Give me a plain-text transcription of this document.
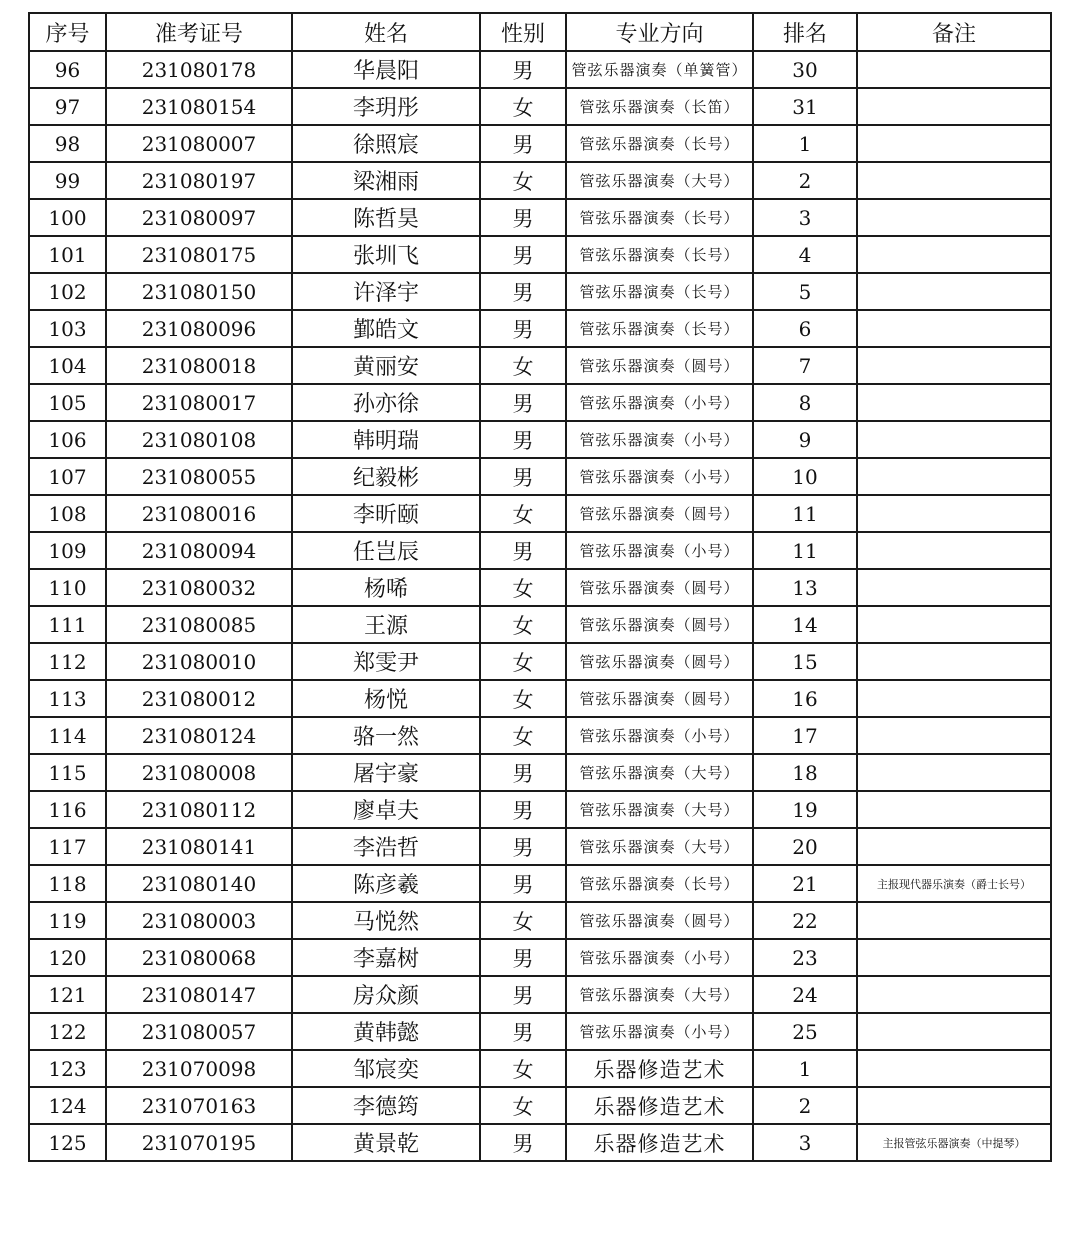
序号	准考证号	姓名	性别	专业方向	排名	备注
96	231080178	华晨阳	男	管弦乐器演奏（单簧管）	30	
97	231080154	李玥彤	女	管弦乐器演奏（长笛）	31	
98	231080007	徐照宸	男	管弦乐器演奏（长号）	1	
99	231080197	梁湘雨	女	管弦乐器演奏（大号）	2	
100	231080097	陈哲昊	男	管弦乐器演奏（长号）	3	
101	231080175	张圳飞	男	管弦乐器演奏（长号）	4	
102	231080150	许泽宇	男	管弦乐器演奏（长号）	5	
103	231080096	鄞皓文	男	管弦乐器演奏（长号）	6	
104	231080018	黄丽安	女	管弦乐器演奏（圆号）	7	
105	231080017	孙亦徐	男	管弦乐器演奏（小号）	8	
106	231080108	韩明瑞	男	管弦乐器演奏（小号）	9	
107	231080055	纪毅彬	男	管弦乐器演奏（小号）	10	
108	231080016	李昕颐	女	管弦乐器演奏（圆号）	11	
109	231080094	任岂辰	男	管弦乐器演奏（小号）	11	
110	231080032	杨唏	女	管弦乐器演奏（圆号）	13	
111	231080085	王源	女	管弦乐器演奏（圆号）	14	
112	231080010	郑雯尹	女	管弦乐器演奏（圆号）	15	
113	231080012	杨悦	女	管弦乐器演奏（圆号）	16	
114	231080124	骆一然	女	管弦乐器演奏（小号）	17	
115	231080008	屠宇豪	男	管弦乐器演奏（大号）	18	
116	231080112	廖卓夫	男	管弦乐器演奏（大号）	19	
117	231080141	李浩哲	男	管弦乐器演奏（大号）	20	
118	231080140	陈彦羲	男	管弦乐器演奏（长号）	21	主报现代器乐演奏（爵士长号）
119	231080003	马悦然	女	管弦乐器演奏（圆号）	22	
120	231080068	李嘉树	男	管弦乐器演奏（小号）	23	
121	231080147	房众颜	男	管弦乐器演奏（大号）	24	
122	231080057	黄韩懿	男	管弦乐器演奏（小号）	25	
123	231070098	邹宸奕	女	乐器修造艺术	1	
124	231070163	李德筠	女	乐器修造艺术	2	
125	231070195	黄景乾	男	乐器修造艺术	3	主报管弦乐器演奏（中提琴）
